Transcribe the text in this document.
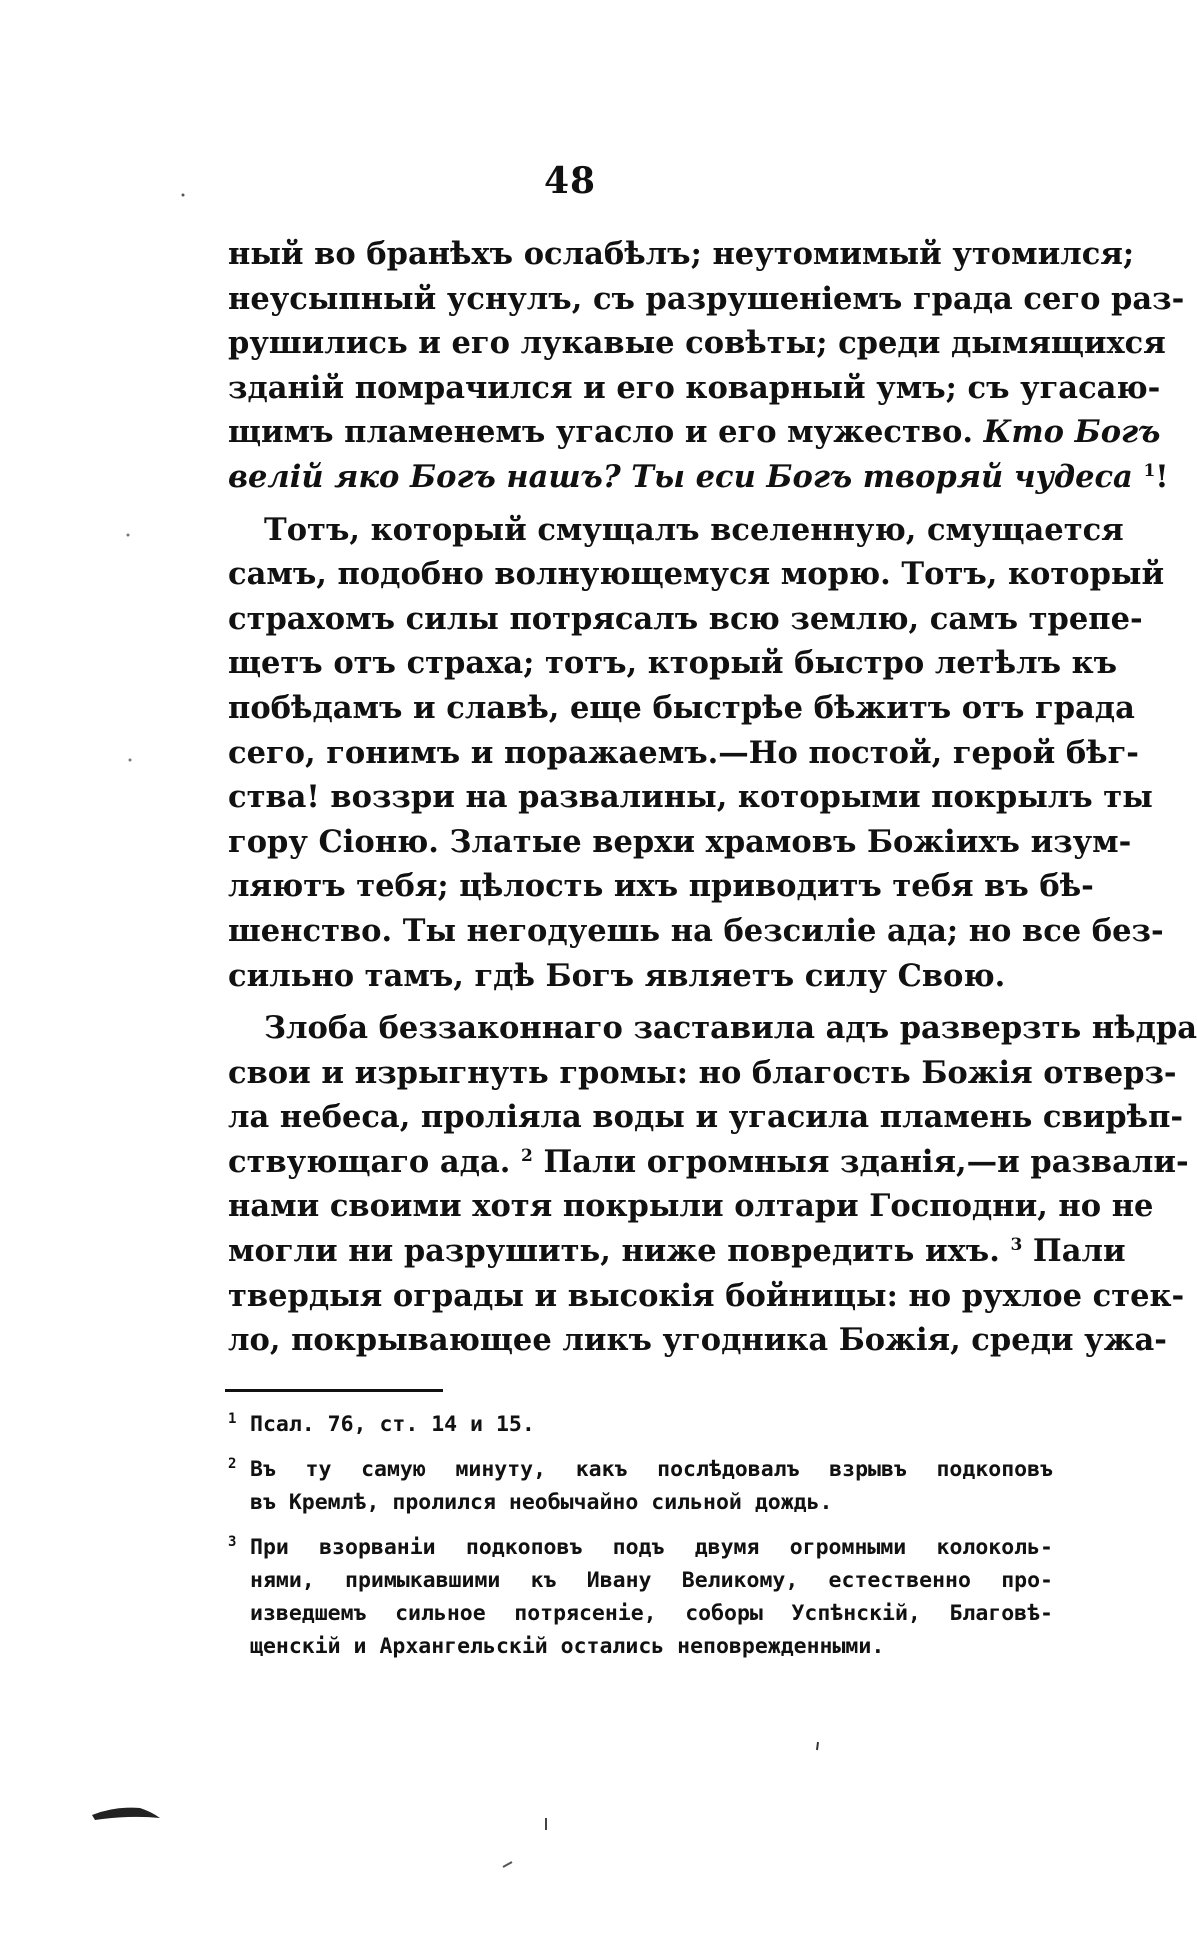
48

ный во бранѣхъ ослабѣлъ; неутомимый утомился;
неусыпный уснулъ, съ разрушеніемъ града сего раз-
рушились и его лукавые совѣты; среди дымящихся
зданій помрачился и его коварный умъ; съ угасаю-
щимъ пламенемъ угасло и его мужество. Кто Богъ
велій яко Богъ нашъ? Ты еси Богъ творяй чудеса $^1$!

Тотъ, который смущалъ вселенную, смущается
самъ, подобно волнующемуся морю. Тотъ, который
страхомъ силы потрясалъ всю землю, самъ трепе-
щетъ отъ страха; тотъ, кторый быстро летѣлъ къ
побѣдамъ и славѣ, еще быстрѣе бѣжитъ отъ града
сего, гонимъ и поражаемъ.—Но постой, герой бѣг-
ства! воззри на развалины, которыми покрылъ ты
гору Сіоню. Златые верхи храмовъ Божіихъ изум-
ляютъ тебя; цѣлость ихъ приводитъ тебя въ бѣ-
шенство. Ты негодуешь на безсиліе ада; но все без-
сильно тамъ, гдѣ Богъ являетъ силу Свою.

Злоба беззаконнаго заставила адъ разверзть нѣдра
свои и изрыгнуть громы: но благость Божія отверз-
ла небеса, проліяла воды и угасила пламень свирѣп-
ствующаго ада. $^2$ Пали огромныя зданія,—и развали-
нами своими хотя покрыли олтари Господни, но не
могли ни разрушить, ниже повредить ихъ. $^3$ Пали
твердыя ограды и высокія бойницы: но рухлое стек-
ло, покрывающее ликъ угодника Божія, среди ужа-

1 Псал. 76, ст. 14 и 15.
2 Въ ту самую минуту, какъ послѣдовалъ взрывъ подкоповъ
въ Кремлѣ, пролился необычайно сильной дождь.
3 При взорваніи подкоповъ подъ двумя огромными колоколь-
нями, примыкавшими къ Ивану Великому, естественно про-
изведшемъ сильное потрясеніе, соборы Успѣнскій, Благовѣ-
щенскій и Архангельскій остались неповрежденными.
